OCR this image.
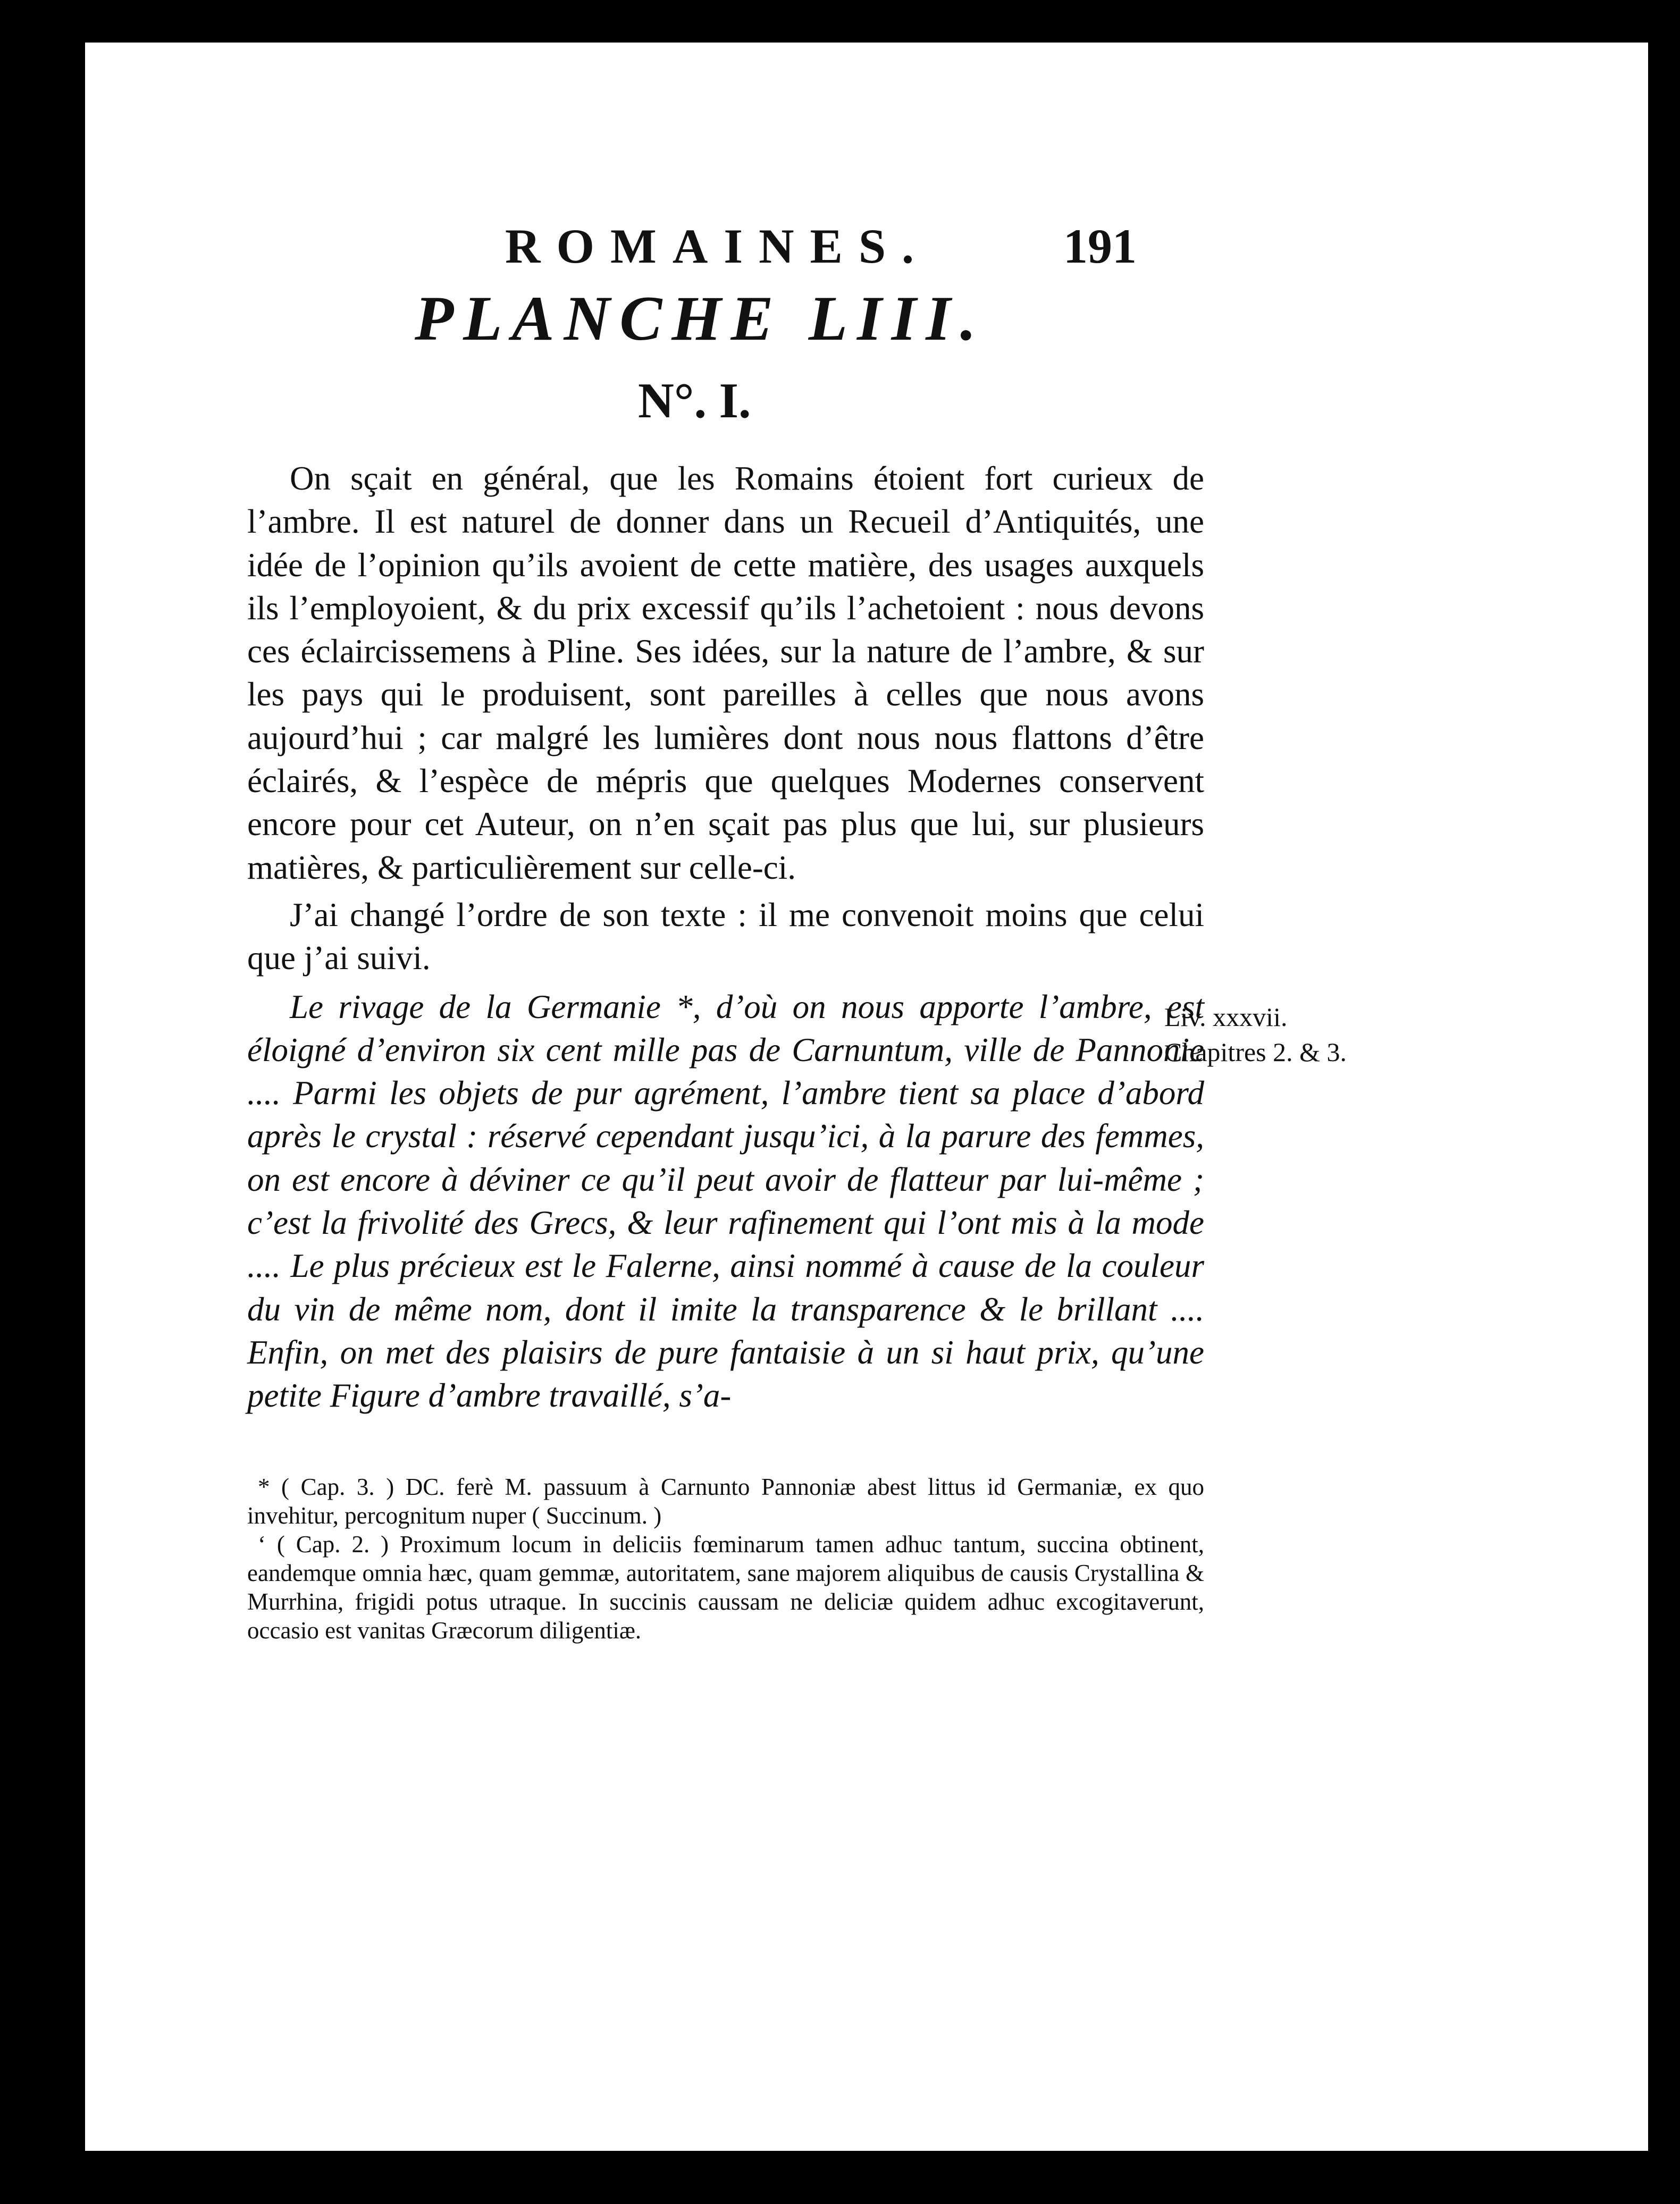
ROMAINES.	191
PLANCHE LIII.
N°. I.

On sçait en général, que les Romains étoient fort curieux de l’ambre. Il est naturel de donner dans un Recueil d’Antiquités, une idée de l’opinion qu’ils avoient de cette matière, des usages auxquels ils l’employoient, & du prix excessif qu’ils l’achetoient : nous devons ces éclaircissemens à Pline. Ses idées, sur la nature de l’ambre, & sur les pays qui le produisent, sont pareilles à celles que nous avons aujourd’hui ; car malgré les lumières dont nous nous flattons d’être éclairés, & l’espèce de mépris que quelques Modernes conservent encore pour cet Auteur, on n’en sçait pas plus que lui, sur plusieurs matières, & particulièrement sur celle-ci.

J’ai changé l’ordre de son texte : il me convenoit moins que celui que j’ai suivi.

Le rivage de la Germanie *, d’où on nous apporte l’ambre, est éloigné d’environ six cent mille pas de Carnuntum, ville de Pannonie .... Parmi les objets de pur agrément, l’ambre tient sa place d’abord après le crystal : réservé cependant jusqu’ici, à la parure des femmes, on est encore à déviner ce qu’il peut avoir de flatteur par lui-même ; c’est la frivolité des Grecs, & leur rafinement qui l’ont mis à la mode .... Le plus précieux est le Falerne, ainsi nommé à cause de la couleur du vin de même nom, dont il imite la transparence & le brillant .... Enfin, on met des plaisirs de pure fantaisie à un si haut prix, qu’une petite Figure d’ambre travaillé, s’a-

Liv. xxxvii.
Chapitres 2. & 3.

* ( Cap. 3. ) DC. ferè M. passuum à Carnunto Pannoniæ abest littus id Germaniæ, ex quo invehitur, percognitum nuper ( Succinum. )

‘ ( Cap. 2. ) Proximum locum in deliciis fœminarum tamen adhuc tantum, succina obtinent, eandemque omnia hæc, quam gemmæ, autoritatem, sane majorem aliquibus de causis Crystallina & Murrhina, frigidi potus utraque. In succinis caussam ne deliciæ quidem adhuc excogitaverunt, occasio est vanitas Græcorum diligentiæ.
